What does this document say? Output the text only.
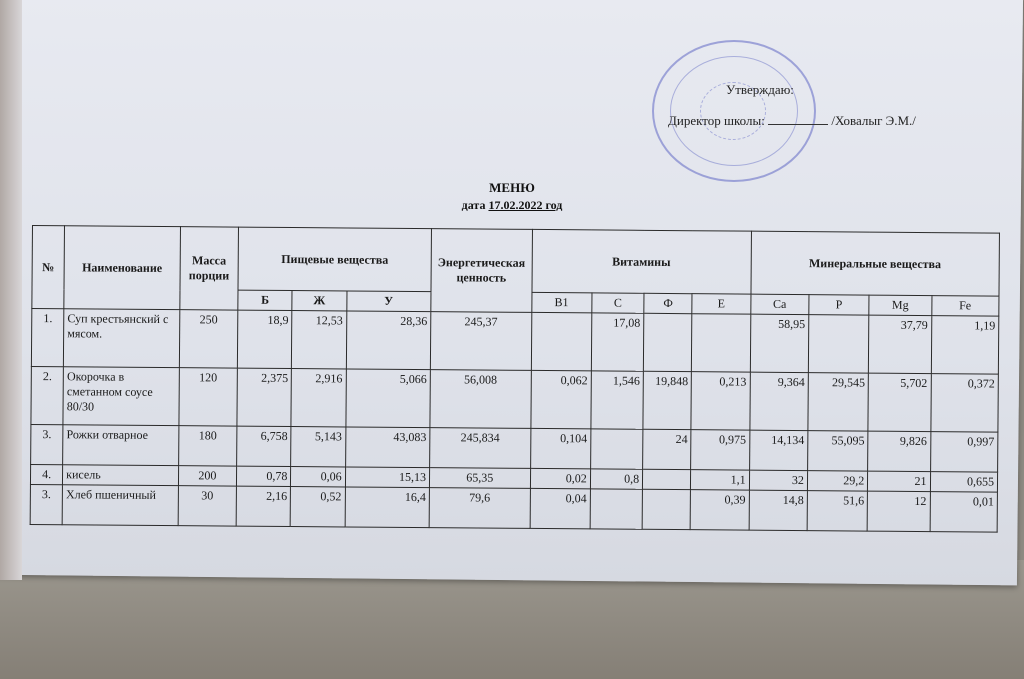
Утверждаю:
Директор школы:	/Ховалыг Э.М./
МЕНЮ
дата 17.02.2022 год
№	Наименование	Масса порции	Пищевые вещества			Энергетическая ценность	Витамины				Минеральные вещества			
			Б	Ж	У		B1	C	Ф	E	Ca	P	Mg	Fe
1.	Суп крестьянский с мясом.	250	18,9	12,53	28,36	245,37		17,08			58,95		37,79	1,19
2.	Окорочка в сметанном соусе 80/30	120	2,375	2,916	5,066	56,008	0,062	1,546	19,848	0,213	9,364	29,545	5,702	0,372
3.	Рожки отварное	180	6,758	5,143	43,083	245,834	0,104		24	0,975	14,134	55,095	9,826	0,997
4.	кисель	200	0,78	0,06	15,13	65,35	0,02	0,8		1,1	32	29,2	21	0,655
3.	Хлеб пшеничный	30	2,16	0,52	16,4	79,6	0,04			0,39	14,8	51,6	12	0,01
